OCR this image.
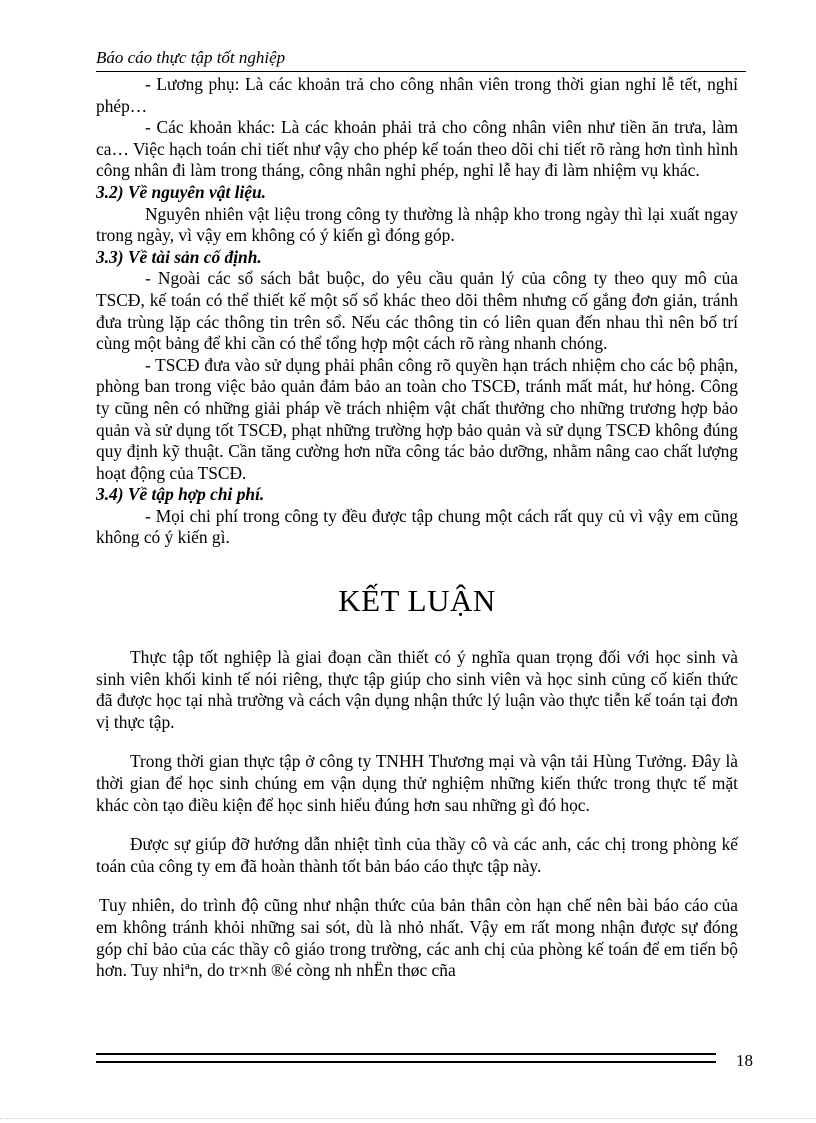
Báo cáo thực tập tốt nghiệp

- Lương phụ: Là các khoản trả cho công nhân viên trong thời gian nghỉ lễ tết, nghỉ phép…

- Các khoản khác: Là các khoản phải trả cho công nhân viên như tiền ăn trưa, làm ca… Việc hạch toán chi tiết như vậy cho phép kế toán theo dõi chi tiết rõ ràng hơn tình hình công nhân đi làm trong tháng, công nhân nghỉ phép, nghỉ lễ hay đi làm nhiệm vụ khác.

3.2) Về nguyên vật liệu.

Nguyên nhiên vật liệu trong công ty thường là nhập kho trong ngày thì lại xuất ngay trong ngày, vì vậy em không có ý kiến gì đóng góp.

3.3) Về tài sản cố định.

- Ngoài các sổ sách bắt buộc, do yêu cầu quản lý của công ty theo quy mô của TSCĐ, kế toán có thể thiết kế một số sổ khác theo dõi thêm nhưng cố gắng đơn giản, tránh đưa trùng lặp các thông tin trên sổ. Nếu các thông tin có liên quan đến nhau thì nên bố trí cùng một bảng để khi cần có thể tổng hợp một cách rõ ràng nhanh chóng.

- TSCĐ đưa vào sử dụng phải phân công rõ quyền hạn trách nhiệm cho các bộ phận, phòng ban trong việc bảo quản đảm bảo an toàn cho TSCĐ, tránh mất mát, hư hỏng. Công ty cũng nên có những giải pháp về trách nhiệm vật chất thưởng cho những trương hợp bảo quản và sử dụng tốt TSCĐ, phạt những trường hợp bảo quản và sử dụng TSCĐ không đúng quy định kỹ thuật. Cần tăng cường hơn nữa công tác bảo dưỡng, nhằm nâng cao chất lượng hoạt động của TSCĐ.

3.4) Về tập hợp chi phí.

- Mọi chi phí trong công ty đều được tập chung một cách rất quy củ vì vậy em cũng không có ý kiến gì.

KẾT LUẬN

Thực tập tốt nghiệp là giai đoạn cần thiết có ý nghĩa quan trọng đối với học sinh và sinh viên khối kinh tế nói riêng, thực tập giúp cho sinh viên và học sinh củng cố kiến thức đã được học tại nhà trường và cách vận dụng nhận thức lý luận vào thực tiễn kế toán tại đơn vị thực tập.

Trong thời gian thực tập ở công ty TNHH Thương mại và vận tải Hùng Tưởng. Đây là thời gian để học sinh chúng em vận dụng thử nghiệm những kiến thức trong thực tế mặt khác còn tạo điều kiện để học sinh hiểu đúng hơn sau những gì đó học.

Được sự giúp đỡ hướng dẫn nhiệt tình của thầy cô và các anh, các chị trong phòng kế toán của công ty em đã hoàn thành tốt bản báo cáo thực tập này.

Tuy nhiên, do trình độ cũng như nhận thức của bản thân còn hạn chế nên bài báo cáo của em không tránh khỏi những sai sót, dù là nhỏ nhất. Vậy em rất mong nhận được sự đóng góp chỉ bảo của các thầy cô giáo trong trường, các anh chị của phòng kế toán để em tiến bộ hơn. Tuy nhiªn, do tr×nh ®é còng nh nhËn thøc cña

18
